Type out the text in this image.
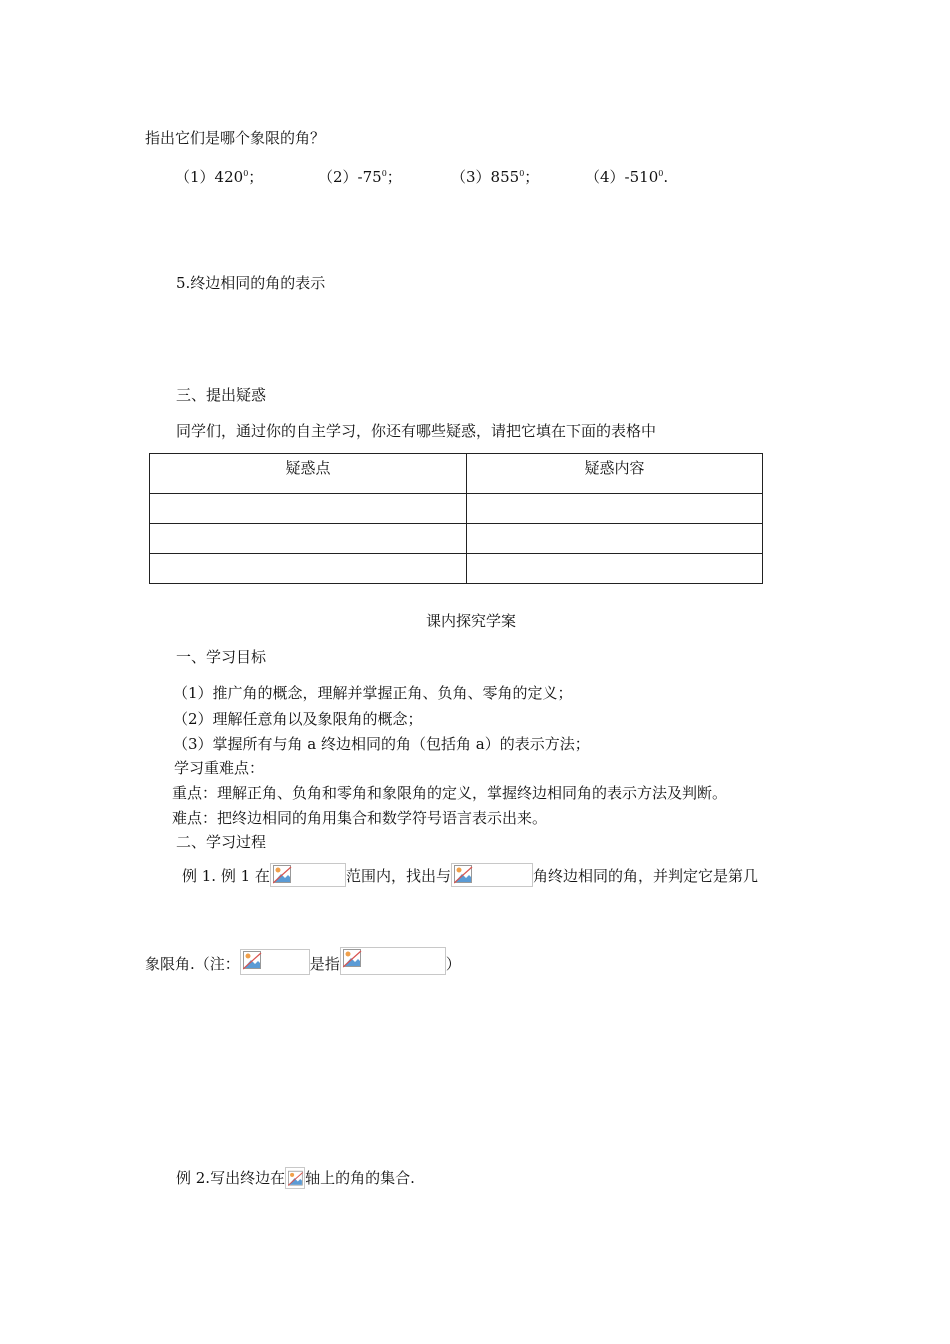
指出它们是哪个象限的角？
$(1)420^0$；	$(2)-75^0$；	$(3)855^0$；	$(4)-510^0$.
5.终边相同的角的表示
三、提出疑惑
同学们，通过你的自主学习，你还有哪些疑惑，请把它填在下面的表格中
疑惑点	疑惑内容

课内探究学案
一、学习目标
（1）推广角的概念，理解并掌握正角、负角、零角的定义；
（2）理解任意角以及象限角的概念；
（3）掌握所有与角 a 终边相同的角（包括角 a）的表示方法；
学习重难点：
重点：理解正角、负角和零角和象限角的定义，掌握终边相同角的表示方法及判断。
难点：把终边相同的角用集合和数学符号语言表示出来。
二、学习过程
例 1. 例 1 在	范围内，找出与	角终边相同的角，并判定它是第几
象限角.（注：	是指	）
例 2.写出终边在 轴上的角的集合.
